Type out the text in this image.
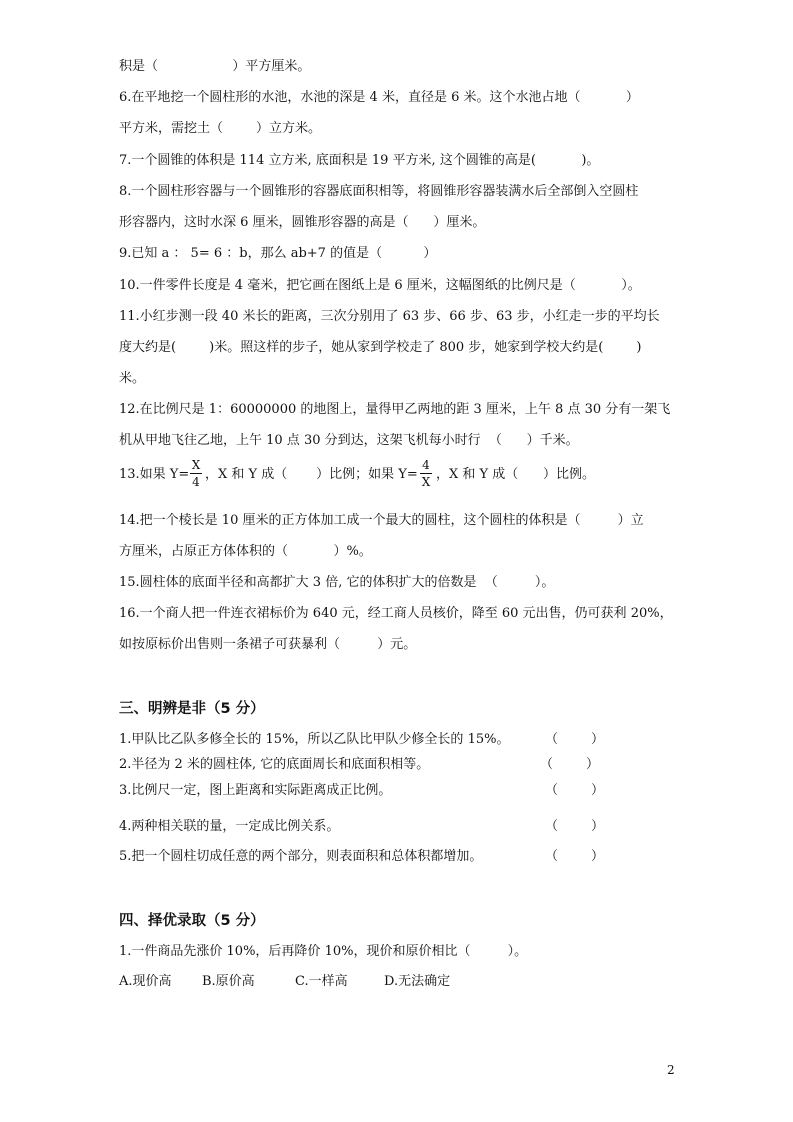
积是（                  ）平方厘米。
6.在平地挖一个圆柱形的水池，水池的深是 4 米，直径是 6 米。这个水池占地（           ）
平方米，需挖土（        ）立方米。
7.一个圆锥的体积是 114 立方米, 底面积是 19 平方米, 这个圆锥的高是(           )。
8.一个圆柱形容器与一个圆锥形的容器底面积相等，将圆锥形容器装满水后全部倒入空圆柱
形容器内，这时水深 6 厘米，圆锥形容器的高是（      ）厘米。
9.已知 a ： 5= 6 ：b，那么 ab+7 的值是（          ）
10.一件零件长度是 4 毫米，把它画在图纸上是 6 厘米，这幅图纸的比例尺是（           ）。
11.小红步测一段 40 米长的距离，三次分别用了 63 步、66 步、63 步，小红走一步的平均长
度大约是(        )米。照这样的步子，她从家到学校走了 800 步，她家到学校大约是(        )
米。
12.在比例尺是 1：60000000 的地图上，量得甲乙两地的距 3 厘米，上午 8 点 30 分有一架飞
机从甲地飞往乙地，上午 10 点 30 分到达，这架飞机每小时行  （      ）千米。
13.如果 Y=
X
4 ，X 和 Y 成（       ）比例；如果 Y=
4
X ，X 和 Y 成（      ）比例。
14.把一个棱长是 10 厘米的正方体加工成一个最大的圆柱，这个圆柱的体积是（         ）立
方厘米，占原正方体体积的（           ）%。
15.圆柱体的底面半径和高都扩大 3 倍, 它的体积扩大的倍数是  （         ）。
16.一个商人把一件连衣裙标价为 640 元，经工商人员核价，降至 60 元出售，仍可获利 20%，
如按原标价出售则一条裙子可获暴利（         ）元。
三、明辨是非（5 分）
1.甲队比乙队多修全长的 15%，所以乙队比甲队少修全长的 15%。	（        ）
2.半径为 2 米的圆柱体, 它的底面周长和底面积相等。	（        ）
3.比例尺一定，图上距离和实际距离成正比例。	（        ）
4.两种相关联的量，一定成比例关系。	（        ）
5.把一个圆柱切成任意的两个部分，则表面积和总体积都增加。	（        ）
四、择优录取（5 分）
1.一件商品先涨价 10%，后再降价 10%，现价和原价相比（         ）。
A.现价高 B.原价高	C.一样高	D.无法确定
2
